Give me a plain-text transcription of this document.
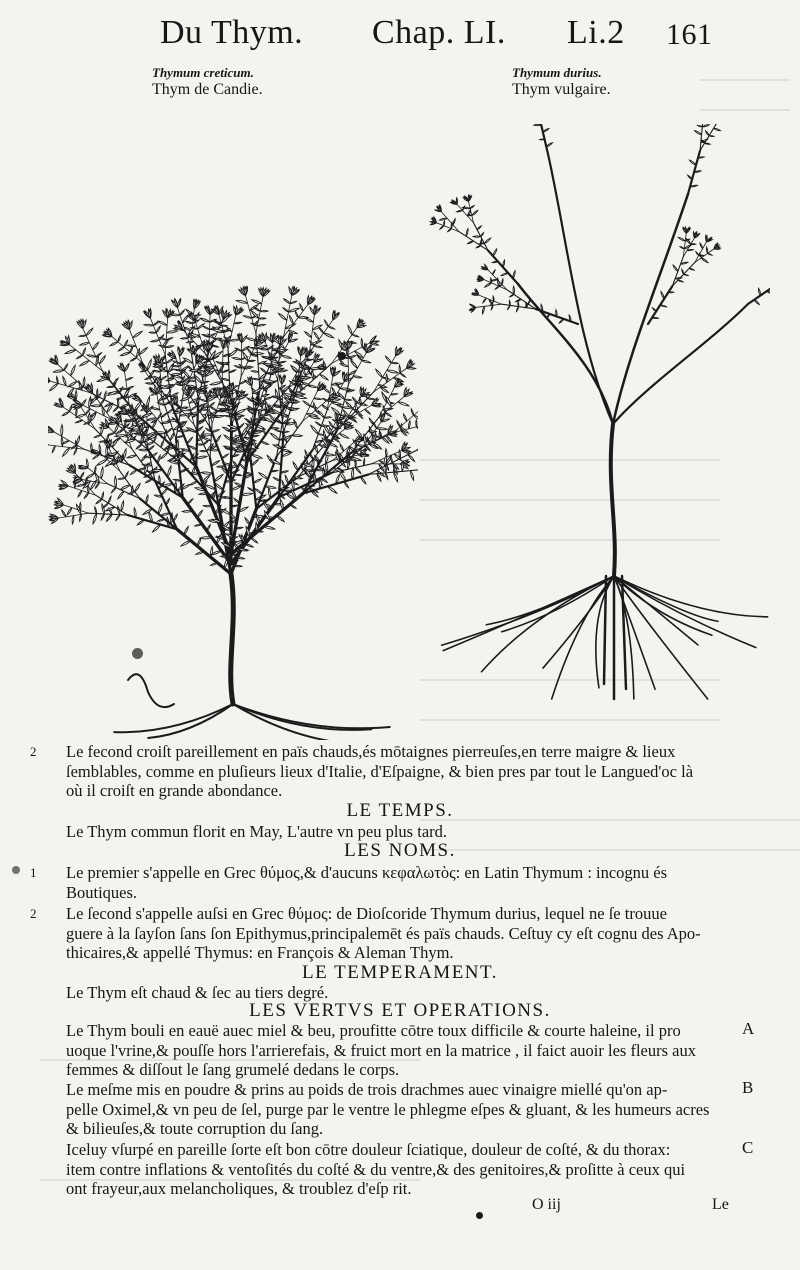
Du Thym. Chap. LI. Li.2 161
Thymum creticum.
Thym de Candie.
Thymum durius.
Thym vulgaire.
2 Le fecond croiſt pareillement en païs chauds,és mōtaignes pierreuſes,en terre maigre & lieux
ſemblables, comme en pluſieurs lieux d'Italie, d'Eſpaigne, & bien pres par tout le Langued'oc là
où il croiſt en grande abondance.
LE TEMPS.
Le Thym commun florit en May, L'autre vn peu plus tard.
LES NOMS.
1 Le premier s'appelle en Grec θύμος,& d'aucuns κεφαλωτὸς: en Latin Thymum : incognu és
Boutiques.
2 Le ſecond s'appelle auſsi en Grec θύμος: de Dioſcoride Thymum durius, lequel ne ſe trouue
guere à la ſayſon ſans ſon Epithymus,principalemēt és païs chauds. Ceſtuy cy eſt cognu des Apo-
thicaires,& appellé Thymus: en François & Aleman Thym.
LE TEMPERAMENT.
Le Thym eſt chaud & ſec au tiers degré.
LES VERTVS ET OPERATIONS.
Le Thym bouli en eauë auec miel & beu, proufitte cōtre toux difficile & courte haleine, il pro
uoque l'vrine,& pouſſe hors l'arrierefais, & fruict mort en la matrice , il faict auoir les fleurs aux
femmes & diſſout le ſang grumelé dedans le corps.
A
Le meſme mis en poudre & prins au poids de trois drachmes auec vinaigre miellé qu'on ap-
pelle Oximel,& vn peu de ſel, purge par le ventre le phlegme eſpes & gluant, & les humeurs acres
& bilieuſes,& toute corruption du ſang.
B
Iceluy vſurpé en pareille ſorte eſt bon cōtre douleur ſciatique, douleur de coſté, & du thorax:
item contre inflations & ventoſités du coſté & du ventre,& des genitoires,& proſitte à ceux qui
ont frayeur,aux melancholiques, & troublez d'eſp rit.
C
O iij	Le
